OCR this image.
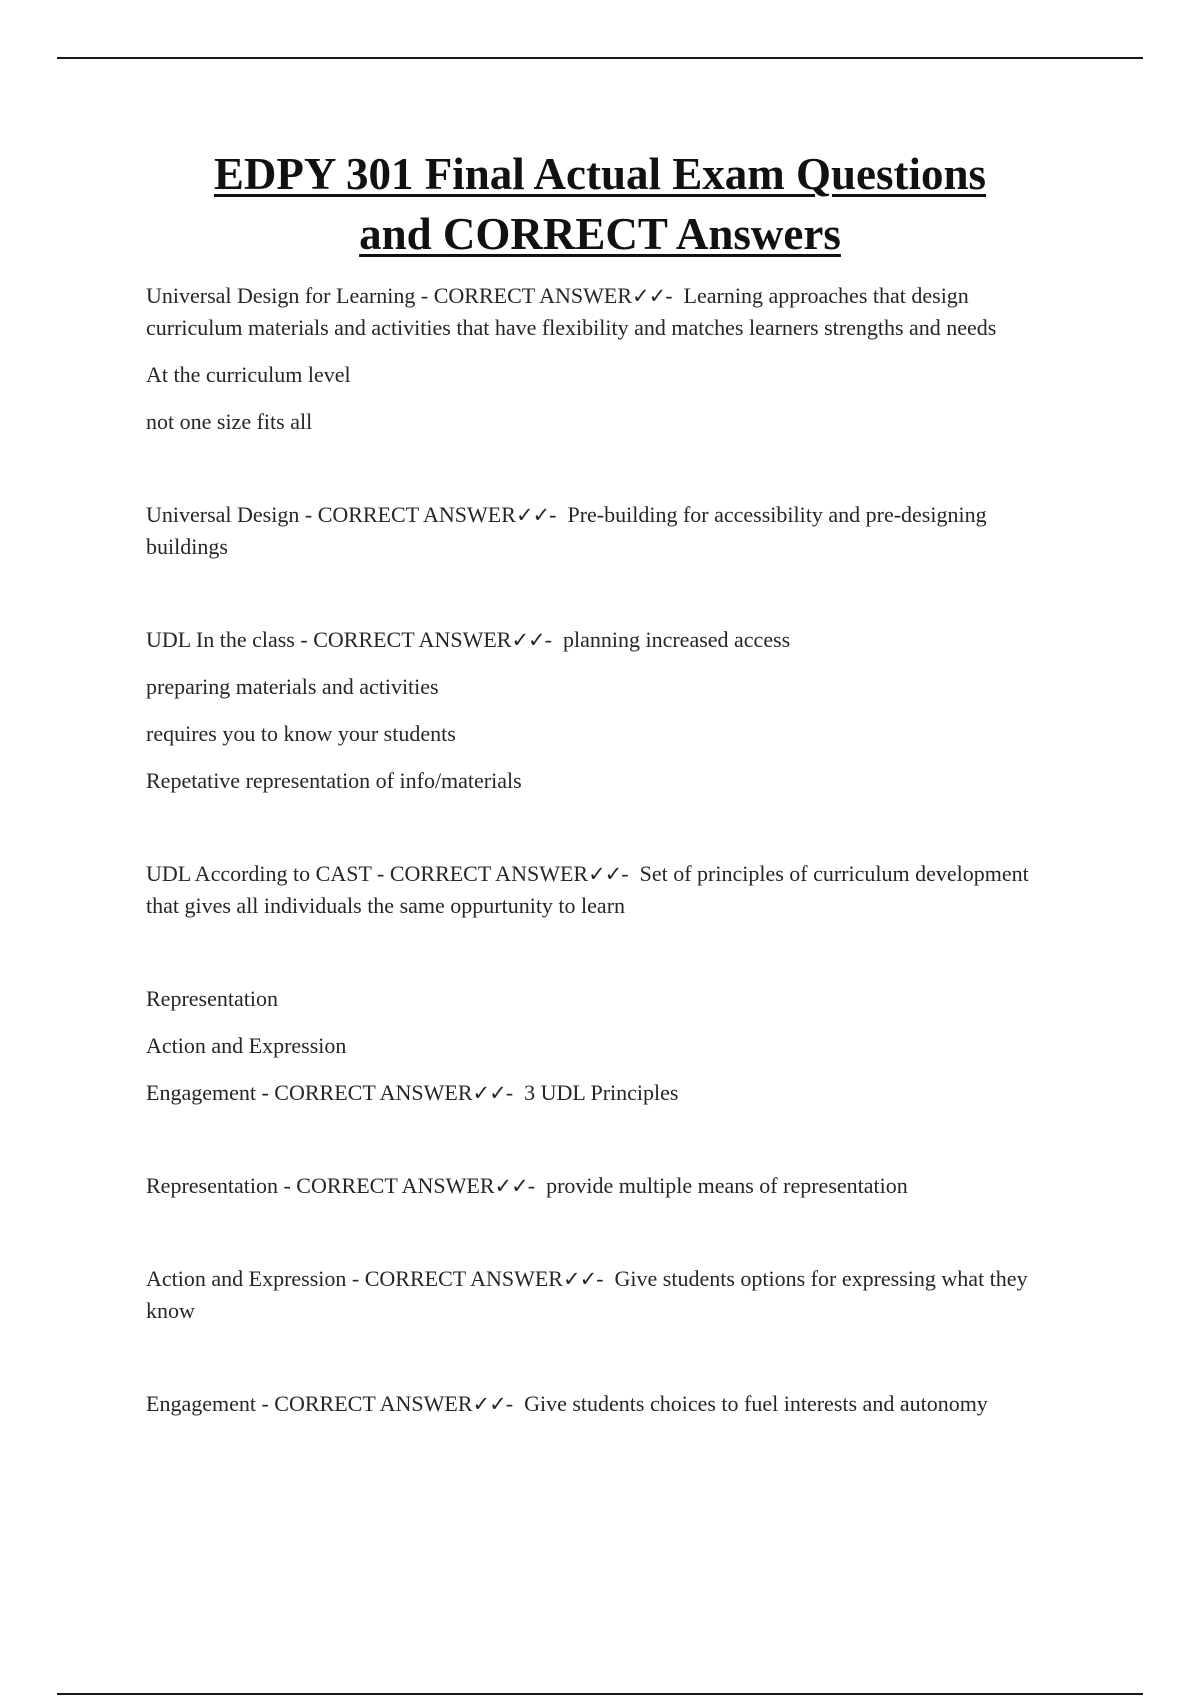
EDPY 301 Final Actual Exam Questions
and CORRECT Answers

Universal Design for Learning - CORRECT ANSWER✓✓-  Learning approaches that design curriculum materials and activities that have flexibility and matches learners strengths and needs

At the curriculum level

not one size fits all

Universal Design - CORRECT ANSWER✓✓-  Pre-building for accessibility and pre-designing buildings

UDL In the class - CORRECT ANSWER✓✓-  planning increased access

preparing materials and activities

requires you to know your students

Repetative representation of info/materials

UDL According to CAST - CORRECT ANSWER✓✓-  Set of principles of curriculum development that gives all individuals the same oppurtunity to learn

Representation

Action and Expression

Engagement - CORRECT ANSWER✓✓-  3 UDL Principles

Representation - CORRECT ANSWER✓✓-  provide multiple means of representation

Action and Expression - CORRECT ANSWER✓✓-  Give students options for expressing what they know

Engagement - CORRECT ANSWER✓✓-  Give students choices to fuel interests and autonomy
